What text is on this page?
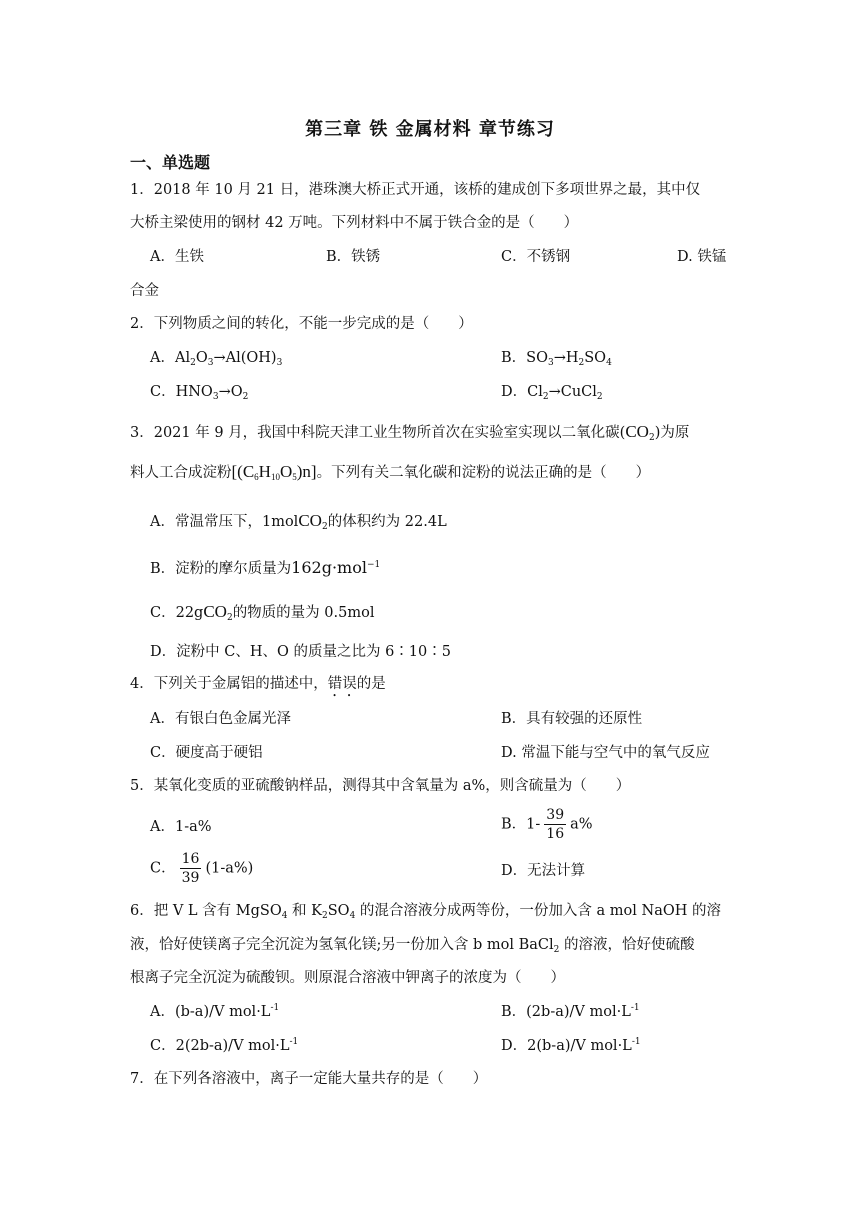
第三章 铁 金属材料 章节练习
一、单选题
1．2018 年 10 月 21 日，港珠澳大桥正式开通，该桥的建成创下多项世界之最，其中仅
大桥主梁使用的钢材 42 万吨。下列材料中不属于铁合金的是（　　）
A．生铁	B．铁锈	C．不锈钢	D. 铁锰
合金
2．下列物质之间的转化，不能一步完成的是（　　）
A．$Al_2O_3\to Al(OH)_3$	B．$SO_3\to H_2SO_4$
C．$HNO_3\to O_2$	D．$Cl_2\to CuCl_2$
3．2021 年 9 月，我国中科院天津工业生物所首次在实验室实现以二氧化碳$(CO_2)$为原
料人工合成淀粉$[(C_6H_{10}O_5)n]$。下列有关二氧化碳和淀粉的说法正确的是（　　）
A．常温常压下，1molCO$_2$的体积约为 22.4L
B．淀粉的摩尔质量为162g·mol$^{-1}$
C．22gCO$_2$的物质的量为 0.5mol
D．淀粉中 C、H、O 的质量之比为 6∶10∶5
4．下列关于金属铝的描述中，错误的是
A．有银白色金属光泽	B．具有较强的还原性
C．硬度高于硬铝	D. 常温下能与空气中的氧气反应
5．某氧化变质的亚硫酸钠样品，测得其中含氧量为 a%，则含硫量为（　　）
A．1-a%	B．$1- \frac{39}{16} a\%$
C． $\frac{16}{39} (1-a\%)$	D．无法计算
6．把 V L 含有 MgSO$_4$ 和 $K_2SO_4$ 的混合溶液分成两等份，一份加入含 a mol NaOH 的溶
液，恰好使镁离子完全沉淀为氢氧化镁;另一份加入含 b mol BaCl$_2$ 的溶液，恰好使硫酸
根离子完全沉淀为硫酸钡。则原混合溶液中钾离子的浓度为（　　）
A．(b-a)/V $mol\cdot L^{-1}$	B．(2b-a)/V $mol\cdot L^{-1}$
C．2(2b-a)/V $mol\cdot L^{-1}$	D．2(b-a)/V $mol\cdot L^{-1}$
7．在下列各溶液中，离子一定能大量共存的是（　　）
